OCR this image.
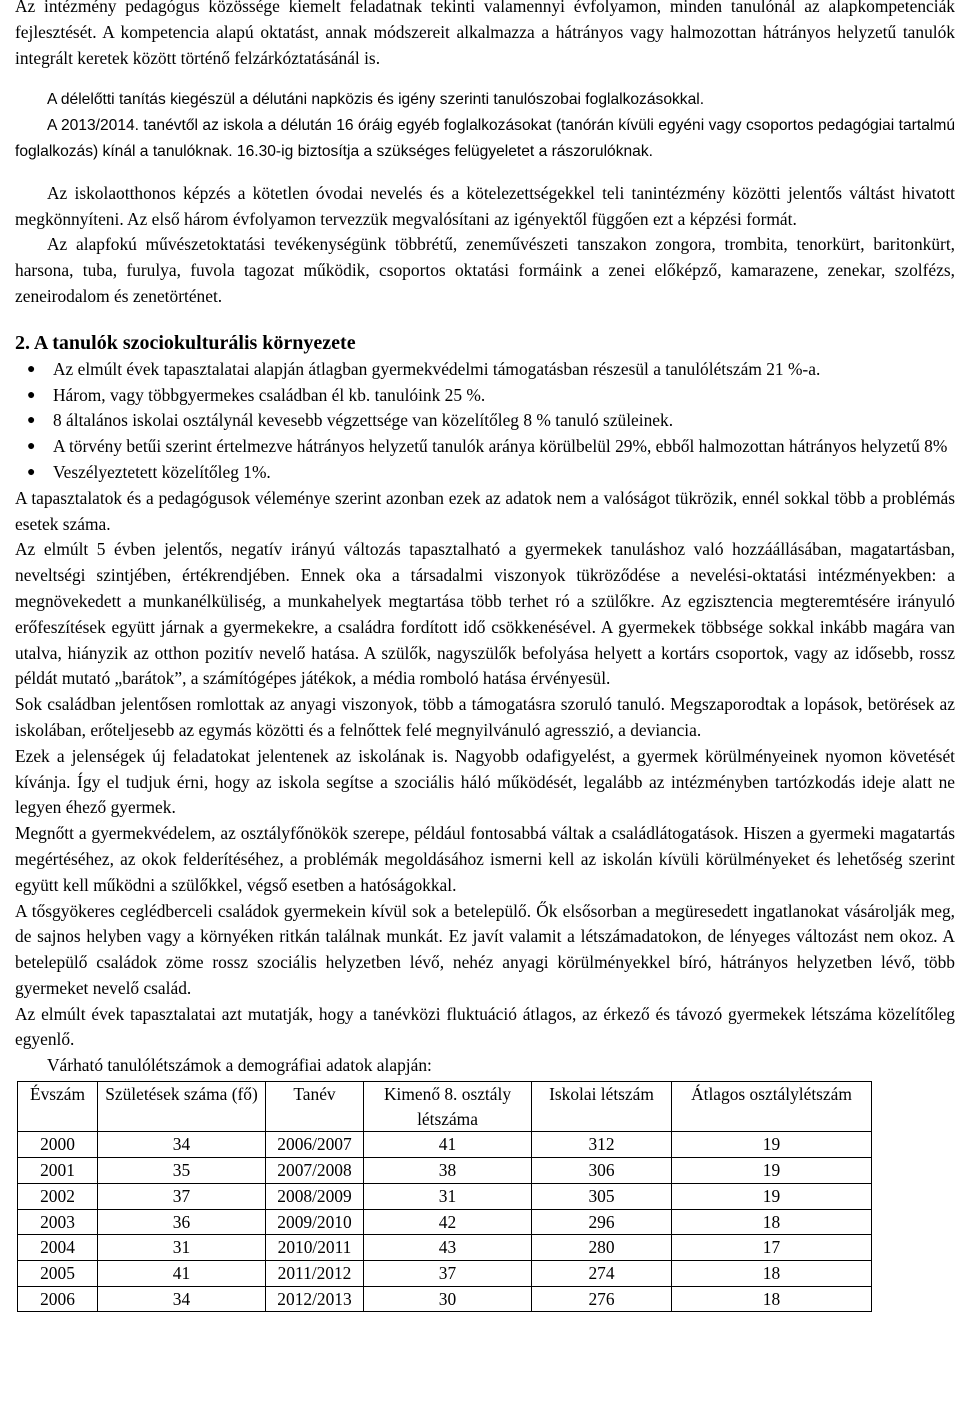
Az intézmény pedagógus közössége kiemelt feladatnak tekinti valamennyi évfolyamon, minden tanulónál az alapkompetenciák fejlesztését. A kompetencia alapú oktatást, annak módszereit alkalmazza a hátrányos vagy halmozottan hátrányos helyzetű tanulók integrált keretek között történő felzárkóztatásánál is.

A délelőtti tanítás kiegészül a délutáni napközis és igény szerinti tanulószobai foglalkozásokkal.

A 2013/2014. tanévtől az iskola a délután 16 óráig egyéb foglalkozásokat (tanórán kívüli egyéni vagy csoportos pedagógiai tartalmú foglalkozás) kínál a tanulóknak. 16.30-ig biztosítja a szükséges felügyeletet a rászorulóknak.

Az iskolaotthonos képzés a kötetlen óvodai nevelés és a kötelezettségekkel teli tanintézmény közötti jelentős váltást hivatott megkönnyíteni. Az első három évfolyamon tervezzük megvalósítani az igényektől függően ezt a képzési formát.

Az alapfokú művészetoktatási tevékenységünk többrétű, zeneművészeti tanszakon zongora, trombita, tenorkürt, baritonkürt, harsona, tuba, furulya, fuvola tagozat működik, csoportos oktatási formáink a zenei előképző, kamarazene, zenekar, szolfézs, zeneirodalom és zenetörténet.

2. A tanulók szociokulturális környezete
● Az elmúlt évek tapasztalatai alapján átlagban gyermekvédelmi támogatásban részesül a tanulólétszám 21 %-a.
● Három, vagy többgyermekes családban él kb. tanulóink 25 %.
● 8 általános iskolai osztálynál kevesebb végzettsége van közelítőleg 8 % tanuló szüleinek.
● A törvény betűi szerint értelmezve hátrányos helyzetű tanulók aránya körülbelül 29%, ebből halmozottan hátrányos helyzetű 8%
● Veszélyeztetett közelítőleg 1%.

A tapasztalatok és a pedagógusok véleménye szerint azonban ezek az adatok nem a valóságot tükrözik, ennél sokkal több a problémás esetek száma.

Az elmúlt 5 évben jelentős, negatív irányú változás tapasztalható a gyermekek tanuláshoz való hozzáállásában, magatartásban, neveltségi szintjében, értékrendjében. Ennek oka a társadalmi viszonyok tükröződése a nevelési-oktatási intézményekben: a megnövekedett a munkanélküliség, a munkahelyek megtartása több terhet ró a szülőkre. Az egzisztencia megteremtésére irányuló erőfeszítések együtt járnak a gyermekekre, a családra fordított idő csökkenésével. A gyermekek többsége sokkal inkább magára van utalva, hiányzik az otthon pozitív nevelő hatása. A szülők, nagyszülők befolyása helyett a kortárs csoportok, vagy az idősebb, rossz példát mutató „barátok”, a számítógépes játékok, a média romboló hatása érvényesül.

Sok családban jelentősen romlottak az anyagi viszonyok, több a támogatásra szoruló tanuló. Megszaporodtak a lopások, betörések az iskolában, erőteljesebb az egymás közötti és a felnőttek felé megnyilvánuló agresszió, a deviancia.

Ezek a jelenségek új feladatokat jelentenek az iskolának is. Nagyobb odafigyelést, a gyermek körülményeinek nyomon követését kívánja. Így el tudjuk érni, hogy az iskola segítse a szociális háló működését, legalább az intézményben tartózkodás ideje alatt ne legyen éhező gyermek.

Megnőtt a gyermekvédelem, az osztályfőnökök szerepe, például fontosabbá váltak a családlátogatások. Hiszen a gyermeki magatartás megértéséhez, az okok felderítéséhez, a problémák megoldásához ismerni kell az iskolán kívüli körülményeket és lehetőség szerint együtt kell működni a szülőkkel, végső esetben a hatóságokkal.

A tősgyökeres ceglédberceli családok gyermekein kívül sok a betelepülő. Ők elsősorban a megüresedett ingatlanokat vásárolják meg, de sajnos helyben vagy a környéken ritkán találnak munkát. Ez javít valamit a létszámadatokon, de lényeges változást nem okoz. A betelepülő családok zöme rossz szociális helyzetben lévő, nehéz anyagi körülményekkel bíró, hátrányos helyzetben lévő, több gyermeket nevelő család.

Az elmúlt évek tapasztalatai azt mutatják, hogy a tanévközi fluktuáció átlagos, az érkező és távozó gyermekek létszáma közelítőleg egyenlő.

Várható tanulólétszámok a demográfiai adatok alapján:

Évszám	Születések száma (fő)	Tanév	Kimenő 8. osztály létszáma	Iskolai létszám	Átlagos osztálylétszám
2000	34	2006/2007	41	312	19
2001	35	2007/2008	38	306	19
2002	37	2008/2009	31	305	19
2003	36	2009/2010	42	296	18
2004	31	2010/2011	43	280	17
2005	41	2011/2012	37	274	18
2006	34	2012/2013	30	276	18
